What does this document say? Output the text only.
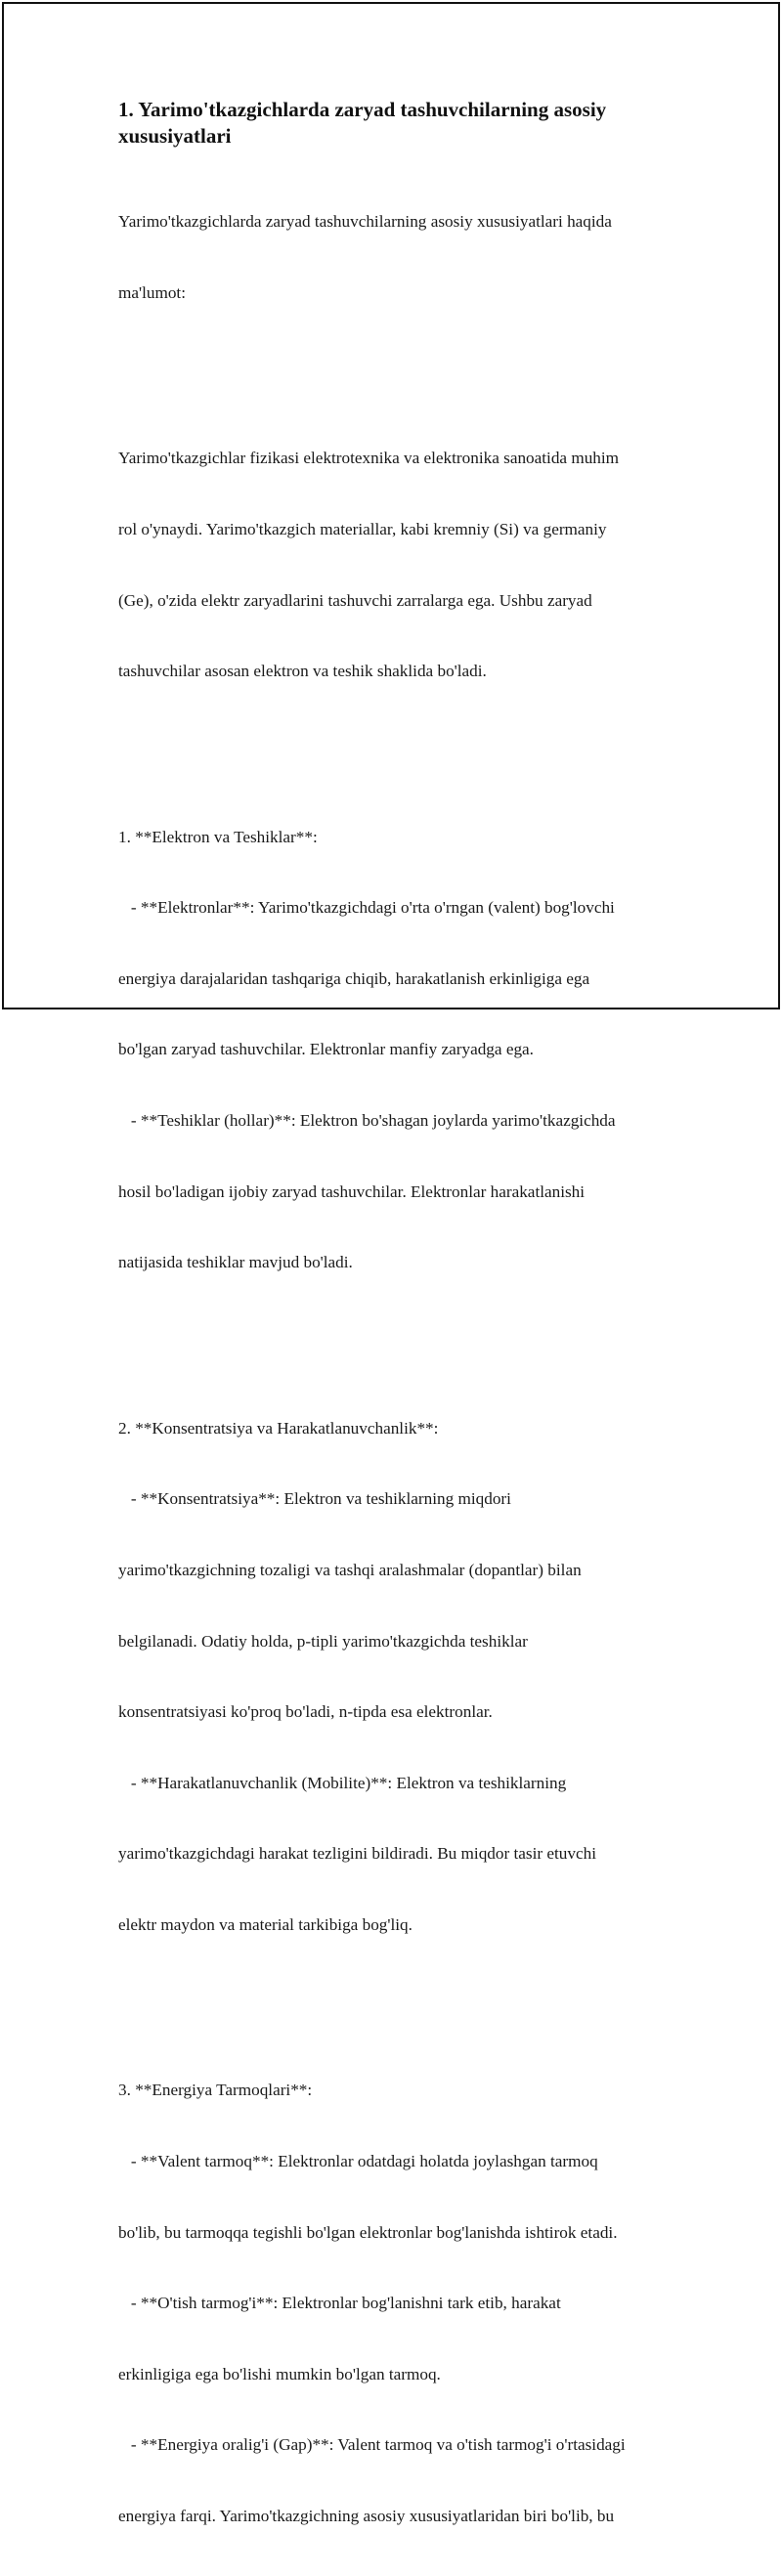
1. Yarimo'tkazgichlarda zaryad tashuvchilarning asosiy
xususiyatlari

Yarimo'tkazgichlarda zaryad tashuvchilarning asosiy xususiyatlari haqida

ma'lumot:

Yarimo'tkazgichlar fizikasi elektrotexnika va elektronika sanoatida muhim

rol o'ynaydi. Yarimo'tkazgich materiallar, kabi kremniy (Si) va germaniy

(Ge), o'zida elektr zaryadlarini tashuvchi zarralarga ega. Ushbu zaryad

tashuvchilar asosan elektron va teshik shaklida bo'ladi.

1. **Elektron va Teshiklar**:

- **Elektronlar**: Yarimo'tkazgichdagi o'rta o'rngan (valent) bog'lovchi

energiya darajalaridan tashqariga chiqib, harakatlanish erkinligiga ega

bo'lgan zaryad tashuvchilar. Elektronlar manfiy zaryadga ega.

- **Teshiklar (hollar)**: Elektron bo'shagan joylarda yarimo'tkazgichda

hosil bo'ladigan ijobiy zaryad tashuvchilar. Elektronlar harakatlanishi

natijasida teshiklar mavjud bo'ladi.

2. **Konsentratsiya va Harakatlanuvchanlik**:

- **Konsentratsiya**: Elektron va teshiklarning miqdori

yarimo'tkazgichning tozaligi va tashqi aralashmalar (dopantlar) bilan

belgilanadi. Odatiy holda, p-tipli yarimo'tkazgichda teshiklar

konsentratsiyasi ko'proq bo'ladi, n-tipda esa elektronlar.

- **Harakatlanuvchanlik (Mobilite)**: Elektron va teshiklarning

yarimo'tkazgichdagi harakat tezligini bildiradi. Bu miqdor tasir etuvchi

elektr maydon va material tarkibiga bog'liq.

3. **Energiya Tarmoqlari**:

- **Valent tarmoq**: Elektronlar odatdagi holatda joylashgan tarmoq

bo'lib, bu tarmoqqa tegishli bo'lgan elektronlar bog'lanishda ishtirok etadi.

- **O'tish tarmog'i**: Elektronlar bog'lanishni tark etib, harakat

erkinligiga ega bo'lishi mumkin bo'lgan tarmoq.

- **Energiya oralig'i (Gap)**: Valent tarmoq va o'tish tarmog'i o'rtasidagi

energiya farqi. Yarimo'tkazgichning asosiy xususiyatlaridan biri bo'lib, bu
